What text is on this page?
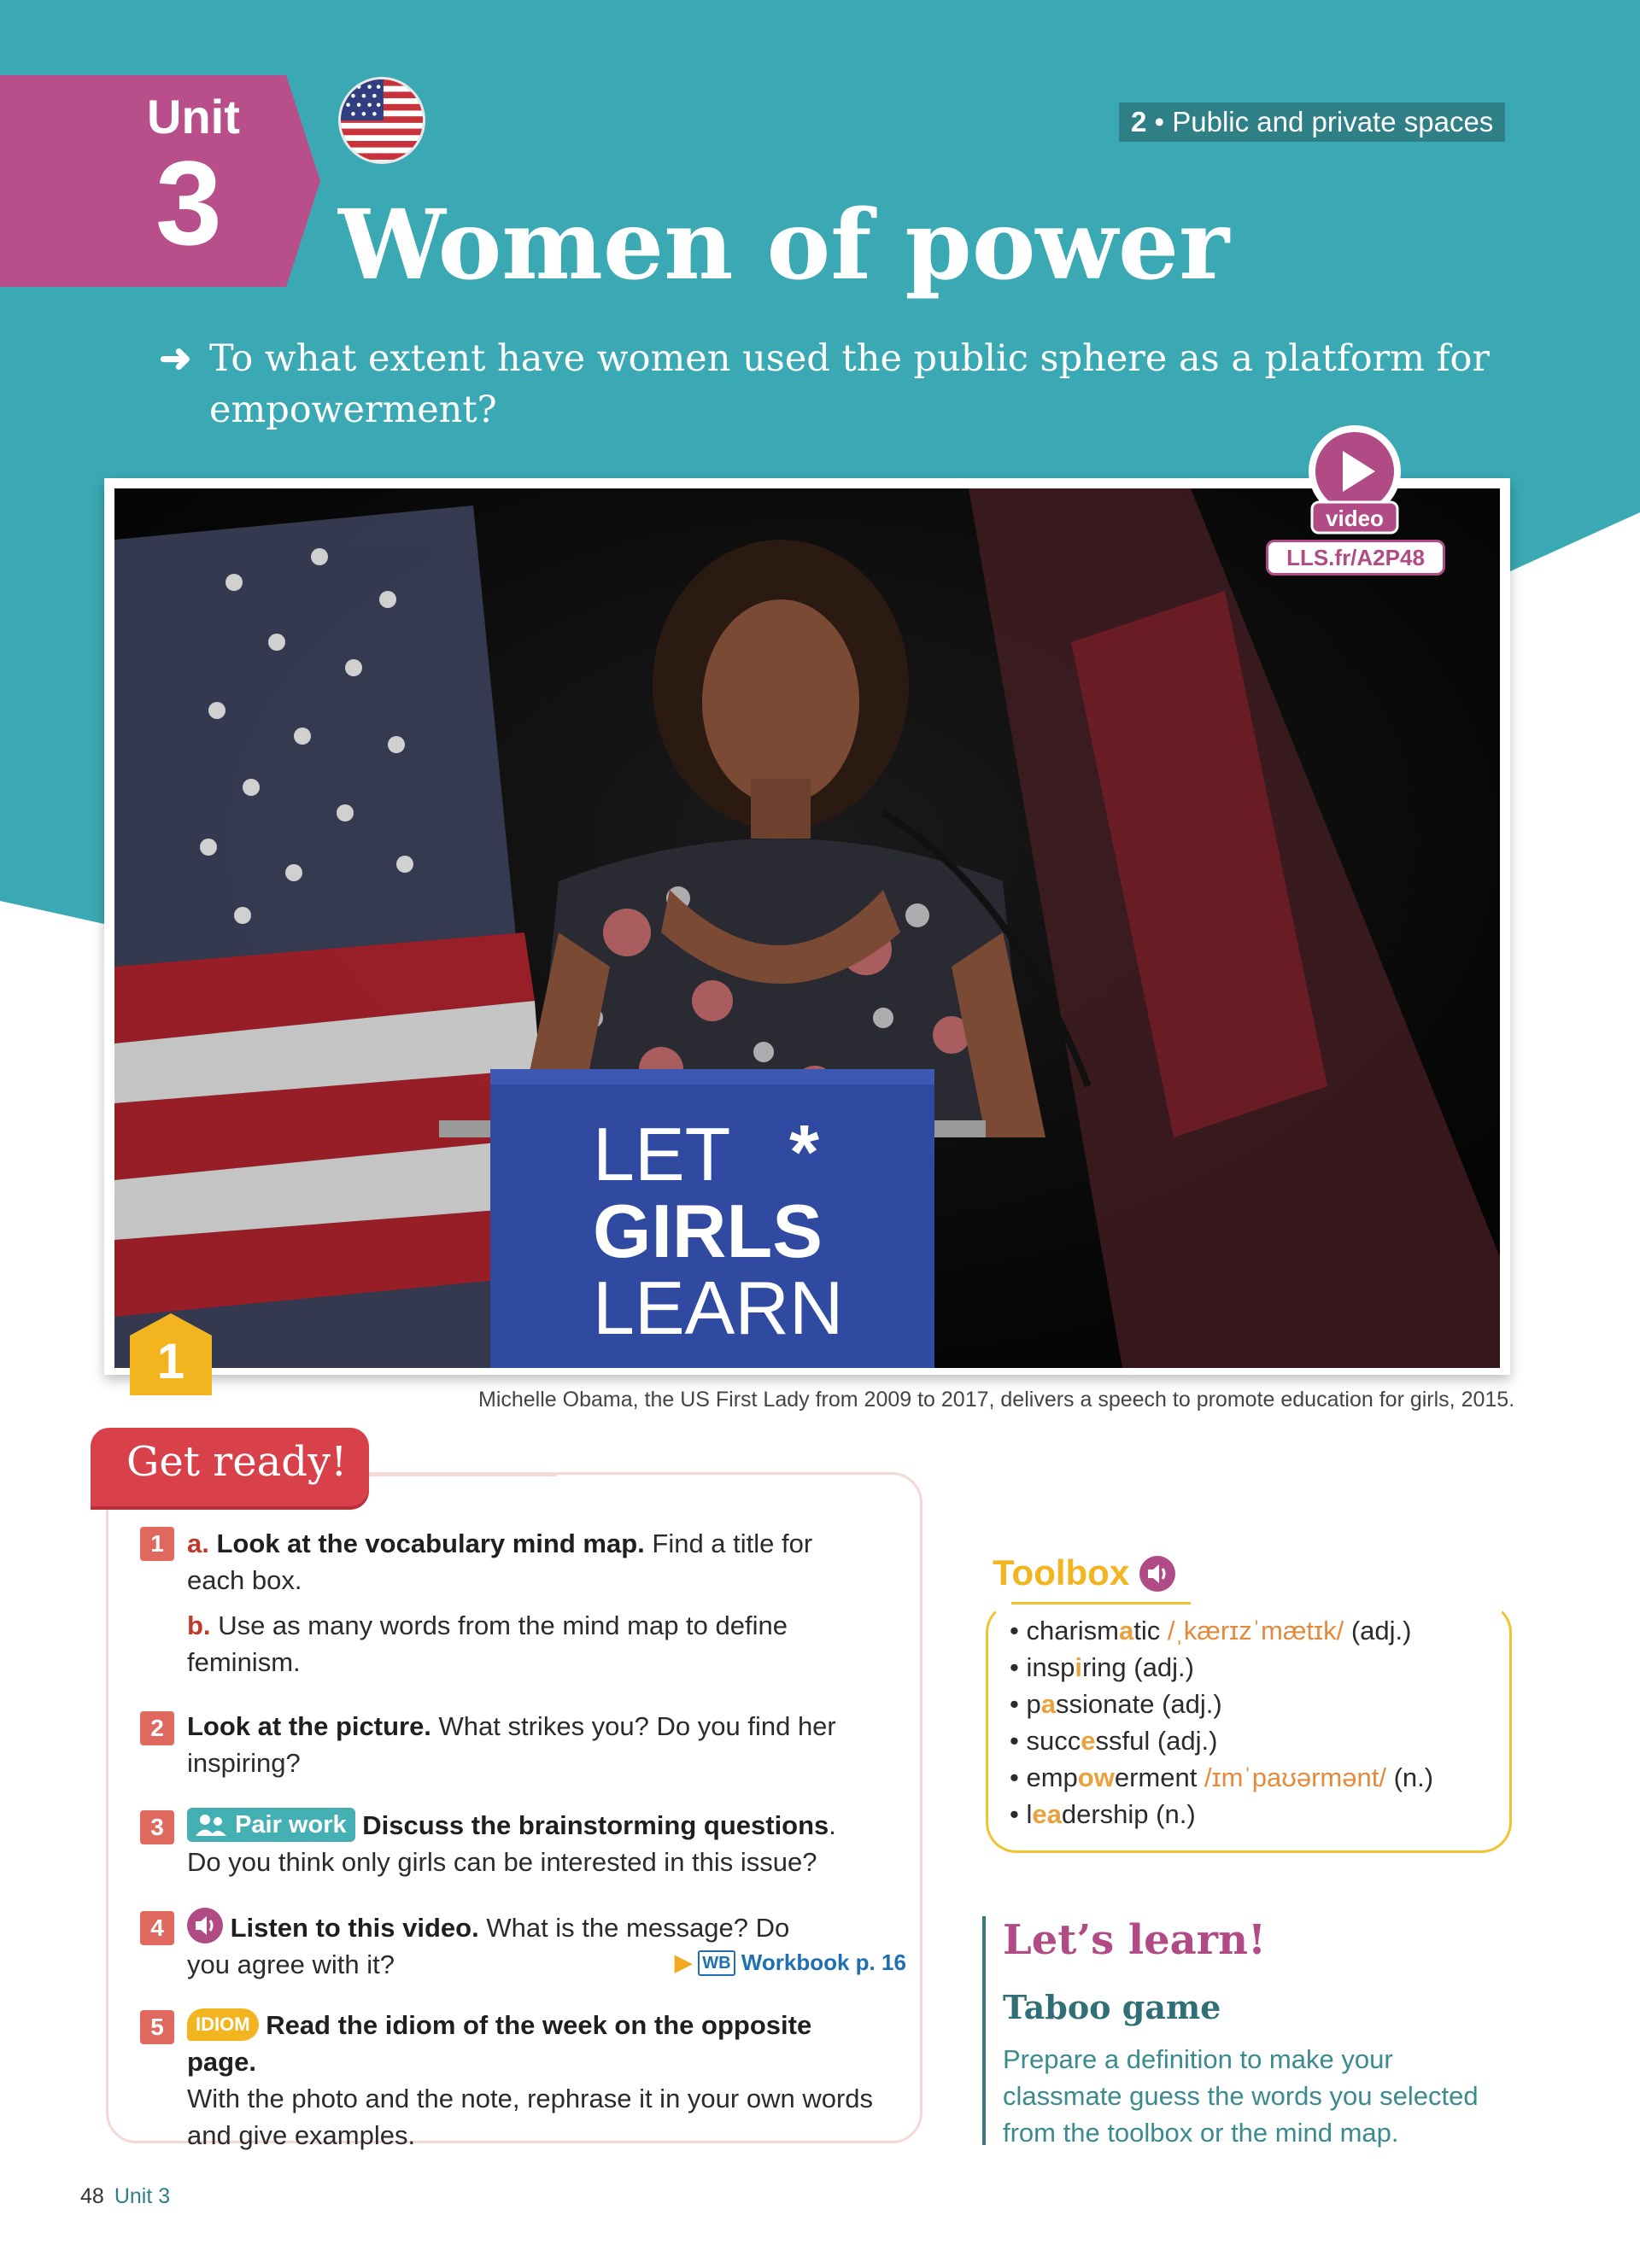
Unit
3
2 • Public and private spaces
Women of power
➜ To what extent have women used the public sphere as a platform for empowerment?
LET *
GIRLS
LEARN
video
LLS.fr/A2P48
1
Michelle Obama, the US First Lady from 2009 to 2017, delivers a speech to promote education for girls, 2015.
Get ready!
1 a. Look at the vocabulary mind map. Find a title for each box.
b. Use as many words from the mind map to define feminism.
2 Look at the picture. What strikes you? Do you find her inspiring?
3	Pair work Discuss the brainstorming questions. Do you think only girls can be interested in this issue?
4	Listen to this video. What is the message? Do you agree with it?	▶ WB Workbook p. 16
5	IDIOM Read the idiom of the week on the opposite page.
With the photo and the note, rephrase it in your own words and give examples.
Toolbox
• charismatic /ˌkærɪzˈmætɪk/ (adj.)
• inspiring (adj.)
• passionate (adj.)
• successful (adj.)
• empowerment /ɪmˈpaʊərmənt/ (n.)
• leadership (n.)
Let’s learn!
Taboo game
Prepare a definition to make your classmate guess the words you selected from the toolbox or the mind map.
48 Unit 3
